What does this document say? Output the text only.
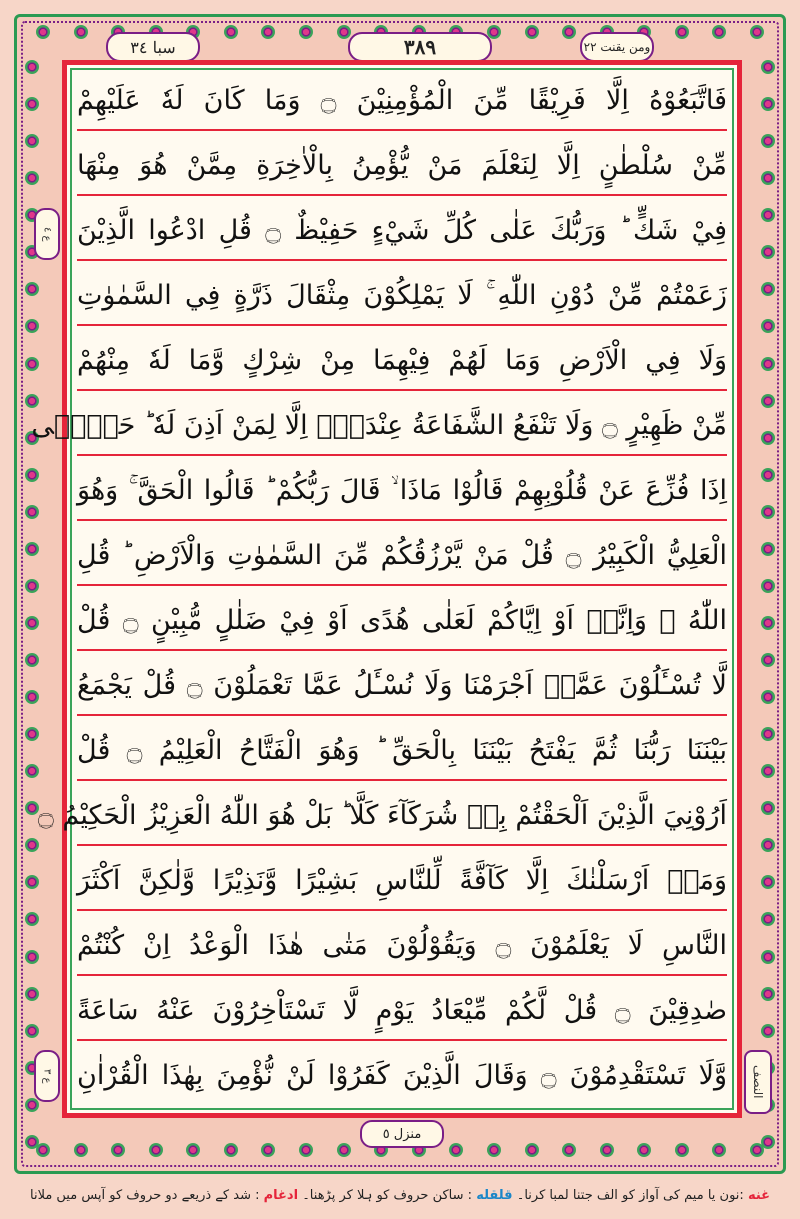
سبا ٣٤	٣٨٩	ومن يقنت ٢٢
فَاتَّبَعُوْهُ اِلَّا فَرِيْقًا مِّنَ الْمُؤْمِنِيْنَ ۝ وَمَا كَانَ لَهٗ عَلَيْهِمْ
مِّنْ سُلْطٰنٍ اِلَّا لِنَعْلَمَ مَنْ يُّؤْمِنُ بِالْاٰخِرَةِ مِمَّنْ هُوَ مِنْهَا
فِيْ شَكٍّ ؕ وَرَبُّكَ عَلٰى كُلِّ شَيْءٍ حَفِيْظٌ ۝ قُلِ ادْعُوا الَّذِيْنَ
زَعَمْتُمْ مِّنْ دُوْنِ اللّٰهِ ۚ لَا يَمْلِكُوْنَ مِثْقَالَ ذَرَّةٍ فِي السَّمٰوٰتِ
وَلَا فِي الْاَرْضِ وَمَا لَهُمْ فِيْهِمَا مِنْ شِرْكٍ وَّمَا لَهٗ مِنْهُمْ
مِّنْ ظَهِيْرٍ ۝ وَلَا تَنْفَعُ الشَّفَاعَةُ عِنْدَهٗۤ اِلَّا لِمَنْ اَذِنَ لَهٗ ؕ حَتّٰۤى
اِذَا فُزِّعَ عَنْ قُلُوْبِهِمْ قَالُوْا مَاذَا ۙ قَالَ رَبُّكُمْ ؕ قَالُوا الْحَقَّ ۚ وَهُوَ
الْعَلِيُّ الْكَبِيْرُ ۝ قُلْ مَنْ يَّرْزُقُكُمْ مِّنَ السَّمٰوٰتِ وَالْاَرْضِ ؕ قُلِ
اللّٰهُ ۙ وَاِنَّاۤ اَوْ اِيَّاكُمْ لَعَلٰى هُدًى اَوْ فِيْ ضَلٰلٍ مُّبِيْنٍ ۝ قُلْ
لَّا تُسْـَٔلُوْنَ عَمَّاۤ اَجْرَمْنَا وَلَا نُسْـَٔلُ عَمَّا تَعْمَلُوْنَ ۝ قُلْ يَجْمَعُ
بَيْنَنَا رَبُّنَا ثُمَّ يَفْتَحُ بَيْنَنَا بِالْحَقِّ ؕ وَهُوَ الْفَتَّاحُ الْعَلِيْمُ ۝ قُلْ
اَرُوْنِيَ الَّذِيْنَ اَلْحَقْتُمْ بِهٖ شُرَكَآءَ كَلَّا ؕ بَلْ هُوَ اللّٰهُ الْعَزِيْزُ الْحَكِيْمُ ۝
وَمَاۤ اَرْسَلْنٰكَ اِلَّا كَآفَّةً لِّلنَّاسِ بَشِيْرًا وَّنَذِيْرًا وَّلٰكِنَّ اَكْثَرَ
النَّاسِ لَا يَعْلَمُوْنَ ۝ وَيَقُوْلُوْنَ مَتٰى هٰذَا الْوَعْدُ اِنْ كُنْتُمْ
صٰدِقِيْنَ ۝ قُلْ لَّكُمْ مِّيْعَادُ يَوْمٍ لَّا تَسْتَاْخِرُوْنَ عَنْهُ سَاعَةً
وَّلَا تَسْتَقْدِمُوْنَ ۝ وَقَالَ الَّذِيْنَ كَفَرُوْا لَنْ نُّؤْمِنَ بِهٰذَا الْقُرْاٰنِ
ع ٤
ع ٣	النصف
منزل ٥
غنه :نون یا میم کی آواز کو الف جتنا لمبا کرنا۔ قلقله : ساکن حروف کو ہلا کر پڑھنا۔ ادغام : شد کے ذریعے دو حروف کو آپس میں ملانا
